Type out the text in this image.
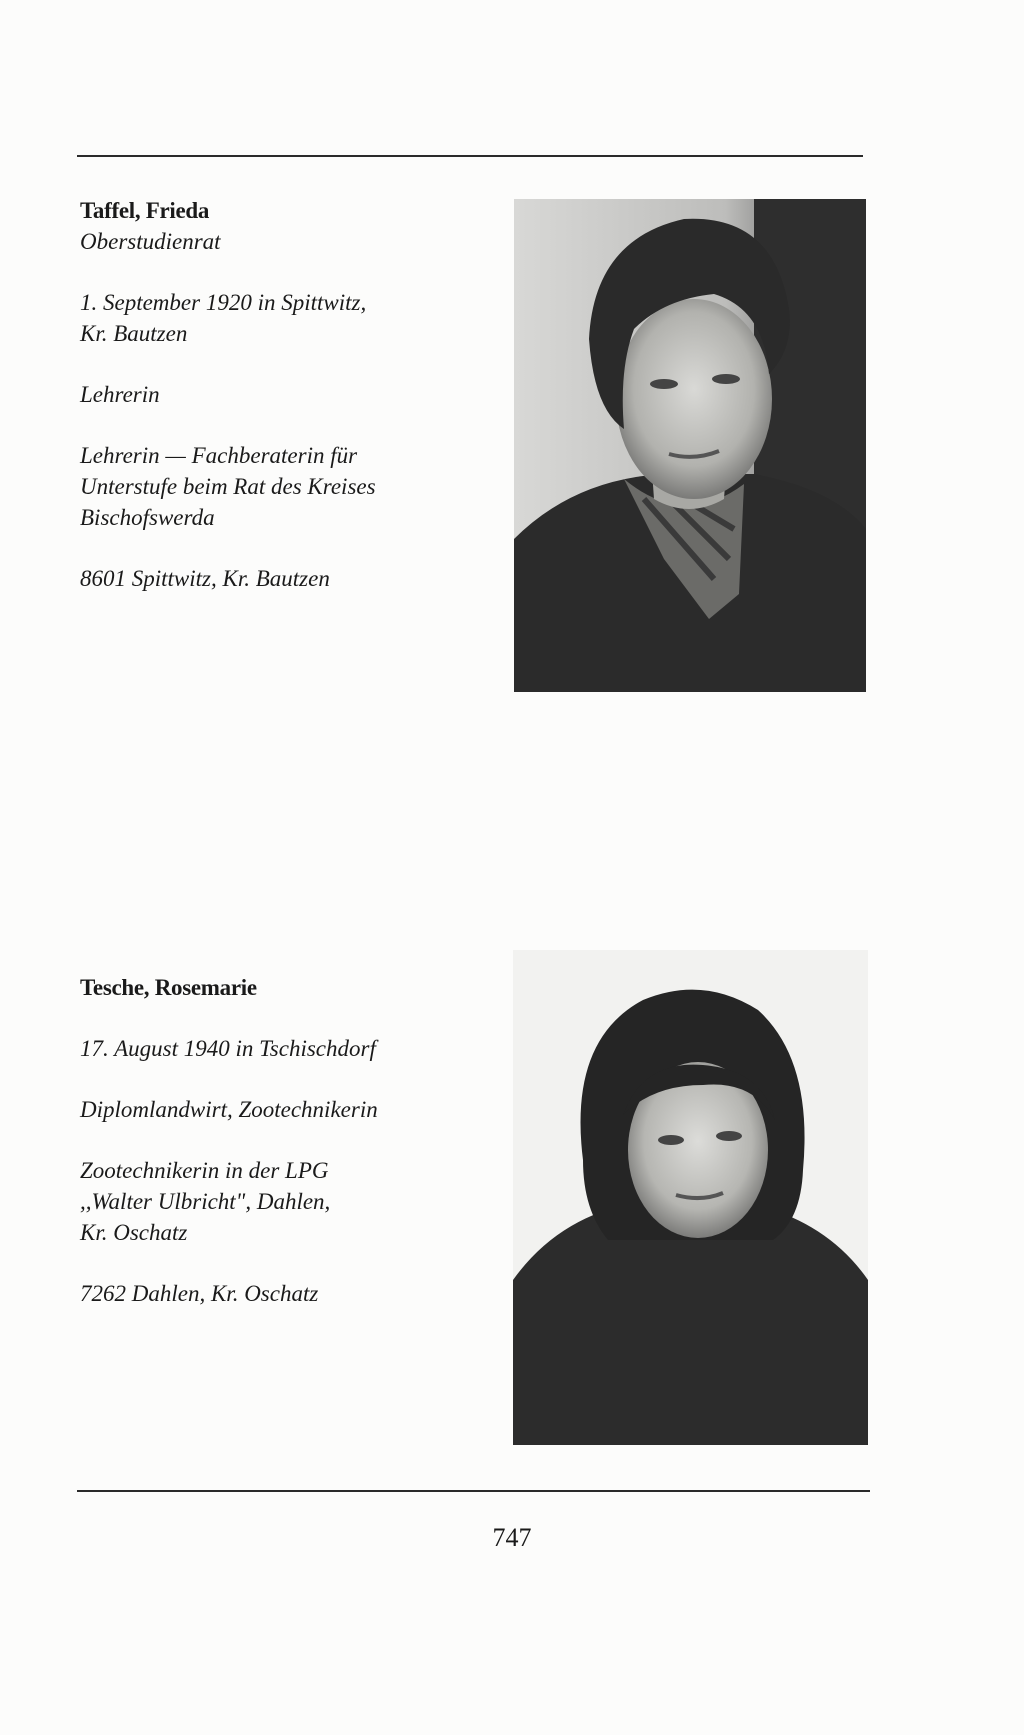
Taffel, Frieda

Oberstudienrat

1. September 1920 in Spittwitz,

Kr. Bautzen

Lehrerin

Lehrerin — Fachberaterin für

Unterstufe beim Rat des Kreises

Bischofswerda

8601 Spittwitz, Kr. Bautzen

Tesche, Rosemarie

17. August 1940 in Tschischdorf

Diplomlandwirt, Zootechnikerin

Zootechnikerin in der LPG

,,Walter Ulbricht", Dahlen,

Kr. Oschatz

7262 Dahlen, Kr. Oschatz

747
